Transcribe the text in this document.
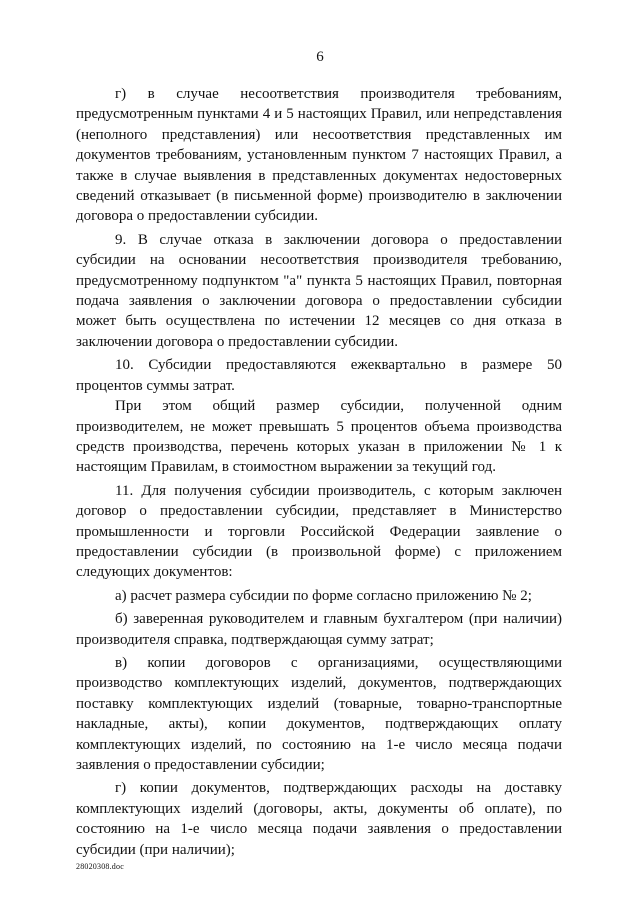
6

г) в случае несоответствия производителя требованиям, предусмотренным пунктами 4 и 5 настоящих Правил, или непредставления (неполного представления) или несоответствия представленных им документов требованиям, установленным пунктом 7 настоящих Правил, а также в случае выявления в представленных документах недостоверных сведений отказывает (в письменной форме) производителю в заключении договора о предоставлении субсидии.

9. В случае отказа в заключении договора о предоставлении субсидии на основании несоответствия производителя требованию, предусмотренному подпунктом "а" пункта 5 настоящих Правил, повторная подача заявления о заключении договора о предоставлении субсидии может быть осуществлена по истечении 12 месяцев со дня отказа в заключении договора о предоставлении субсидии.

10. Субсидии предоставляются ежеквартально в размере 50 процентов суммы затрат.

При этом общий размер субсидии, полученной одним производителем, не может превышать 5 процентов объема производства средств производства, перечень которых указан в приложении № 1 к настоящим Правилам, в стоимостном выражении за текущий год.

11. Для получения субсидии производитель, с которым заключен договор о предоставлении субсидии, представляет в Министерство промышленности и торговли Российской Федерации заявление о предоставлении субсидии (в произвольной форме) с приложением следующих документов:

а) расчет размера субсидии по форме согласно приложению № 2;

б) заверенная руководителем и главным бухгалтером (при наличии) производителя справка, подтверждающая сумму затрат;

в) копии договоров с организациями, осуществляющими производство комплектующих изделий, документов, подтверждающих поставку комплектующих изделий (товарные, товарно-транспортные накладные, акты), копии документов, подтверждающих оплату комплектующих изделий, по состоянию на 1-е число месяца подачи заявления о предоставлении субсидии;

г) копии документов, подтверждающих расходы на доставку комплектующих изделий (договоры, акты, документы об оплате), по состоянию на 1-е число месяца подачи заявления о предоставлении субсидии (при наличии);

28020308.doc
